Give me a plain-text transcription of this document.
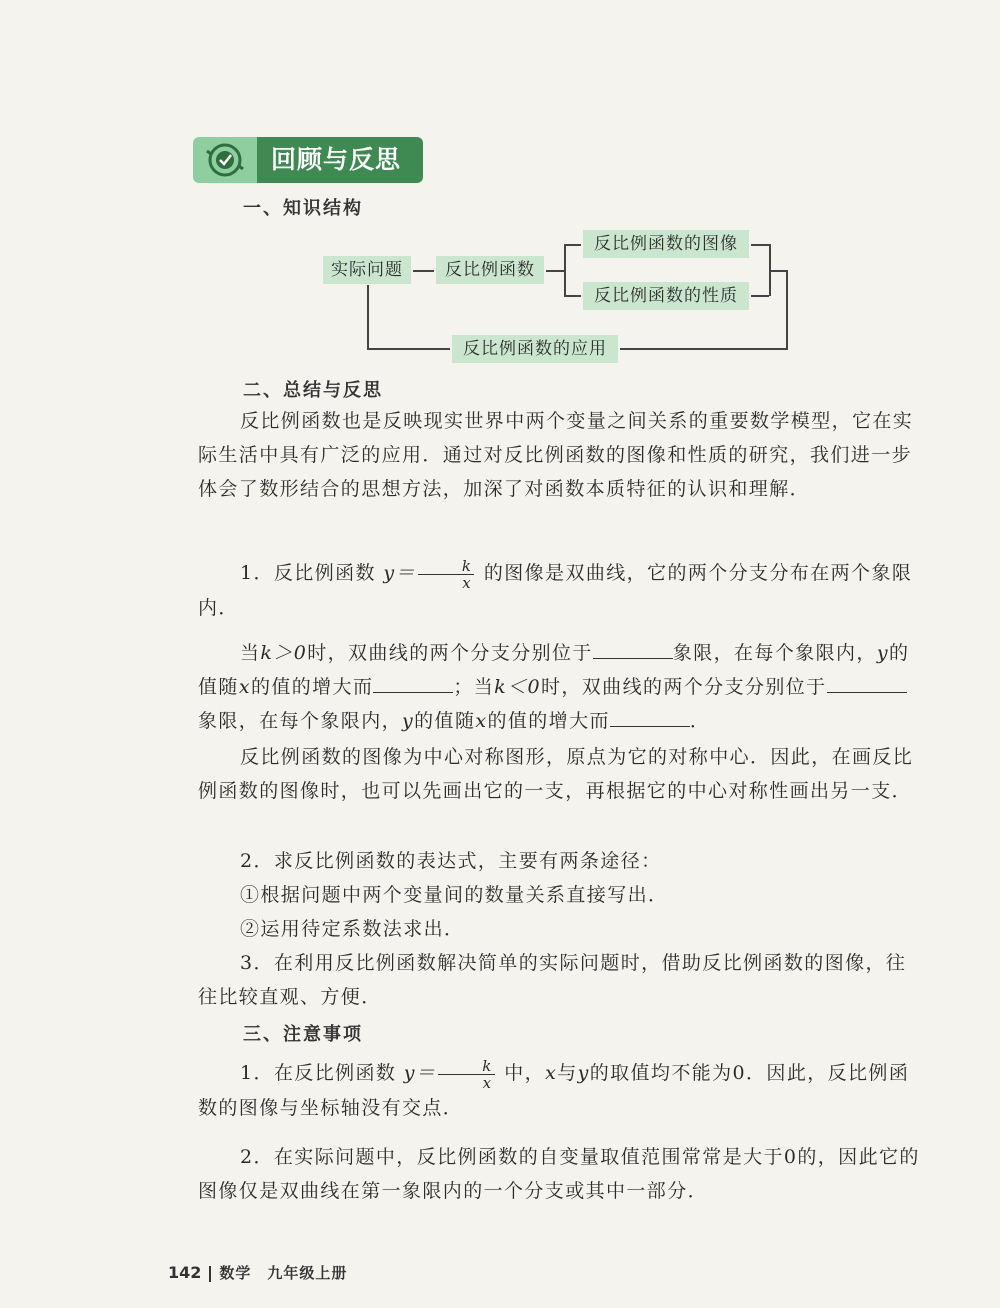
回顾与反思
一、知识结构
实际问题	反比例函数
反比例函数的图像
反比例函数的性质
反比例函数的应用
二、总结与反思
反比例函数也是反映现实世界中两个变量之间关系的重要数学模型，它在实际生活中具有广泛的应用．通过对反比例函数的图像和性质的研究，我们进一步体会了数形结合的思想方法，加深了对函数本质特征的认识和理解．
1．反比例函数 $y= \frac{k}{x}$ 的图像是双曲线，它的两个分支分布在两个象限内．
当k＞0时，双曲线的两个分支分别位于	象限，在每个象限内，y的值随x的值的增大而	；当k＜0时，双曲线的两个分支分别位于象限，在每个象限内，y的值随x的值的增大而	．
反比例函数的图像为中心对称图形，原点为它的对称中心．因此，在画反比例函数的图像时，也可以先画出它的一支，再根据它的中心对称性画出另一支．
2．求反比例函数的表达式，主要有两条途径：
①根据问题中两个变量间的数量关系直接写出．
②运用待定系数法求出．
3．在利用反比例函数解决简单的实际问题时，借助反比例函数的图像，往往比较直观、方便．
三、注意事项
1．在反比例函数 $y= \frac{k}{x}$ 中，x与y的取值均不能为0．因此，反比例函数的图像与坐标轴没有交点．
2．在实际问题中，反比例函数的自变量取值范围常常是大于0的，因此它的图像仅是双曲线在第一象限内的一个分支或其中一部分．
142 数学　九年级上册
